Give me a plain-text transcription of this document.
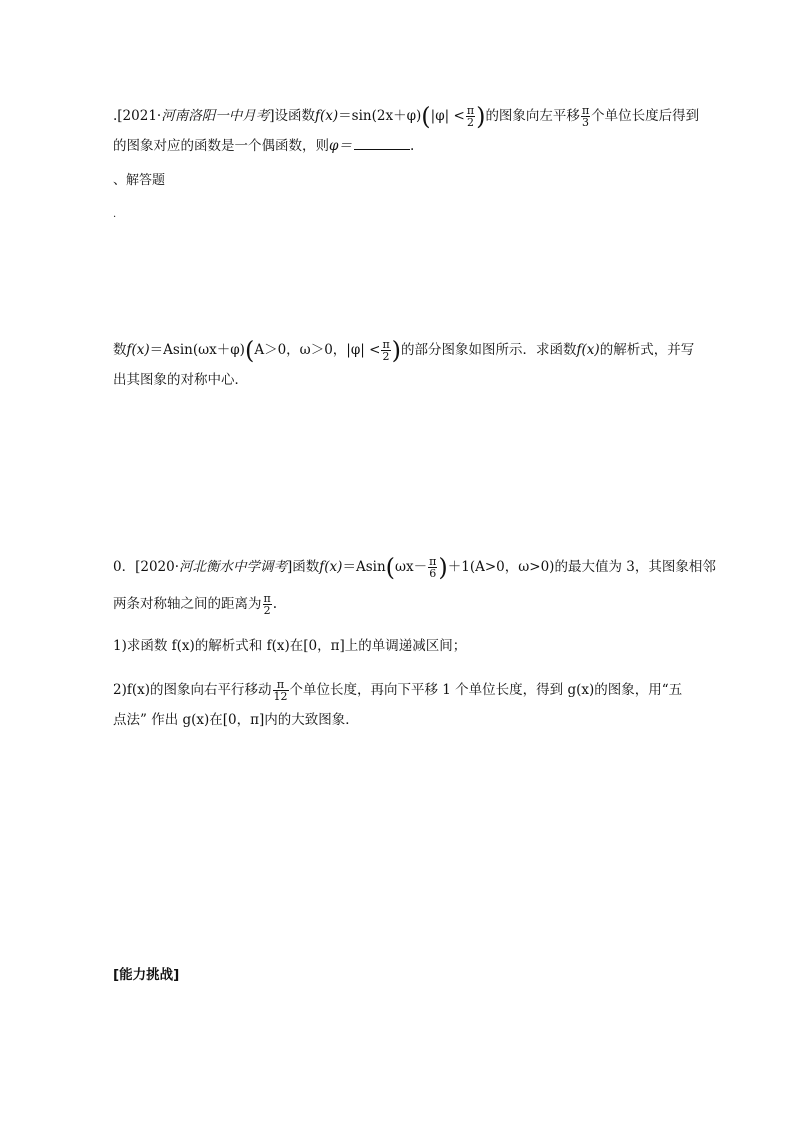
.[2021·河南洛阳一中月考]设函数$f(x)=\sin(2x+\varphi)(|\varphi| < \frac{\pi}{2}$ )的图象向左平移 $\frac{\pi}{3}$ 个单位长度后得到
的图象对应的函数是一个偶函数，则φ＝	.
、解答题
.
数f(x)＝Asin(ωx＋φ)(A＞0，ω＞0，$|\varphi| < \frac{\pi}{2}$ )的部分图象如图所示．求函数f(x)的解析式，并写
出其图象的对称中心．
0．[2020·河北衡水中学调考]函数$f(x)=Asin(\omega x- \frac{\pi}{6} )+1(A>0$，ω>0)的最大值为 3，其图象相邻
两条对称轴之间的距离为 $\frac{\pi}{2}$ .
1)求函数 f(x)的解析式和 f(x)在[0，π]上的单调递减区间；
2)f(x)的图象向右平行移动 $\frac{\pi}{12}$ 个单位长度，再向下平移 1 个单位长度，得到 g(x)的图象，用“五
点法” 作出 g(x)在[0，π]内的大致图象．
[能力挑战]
